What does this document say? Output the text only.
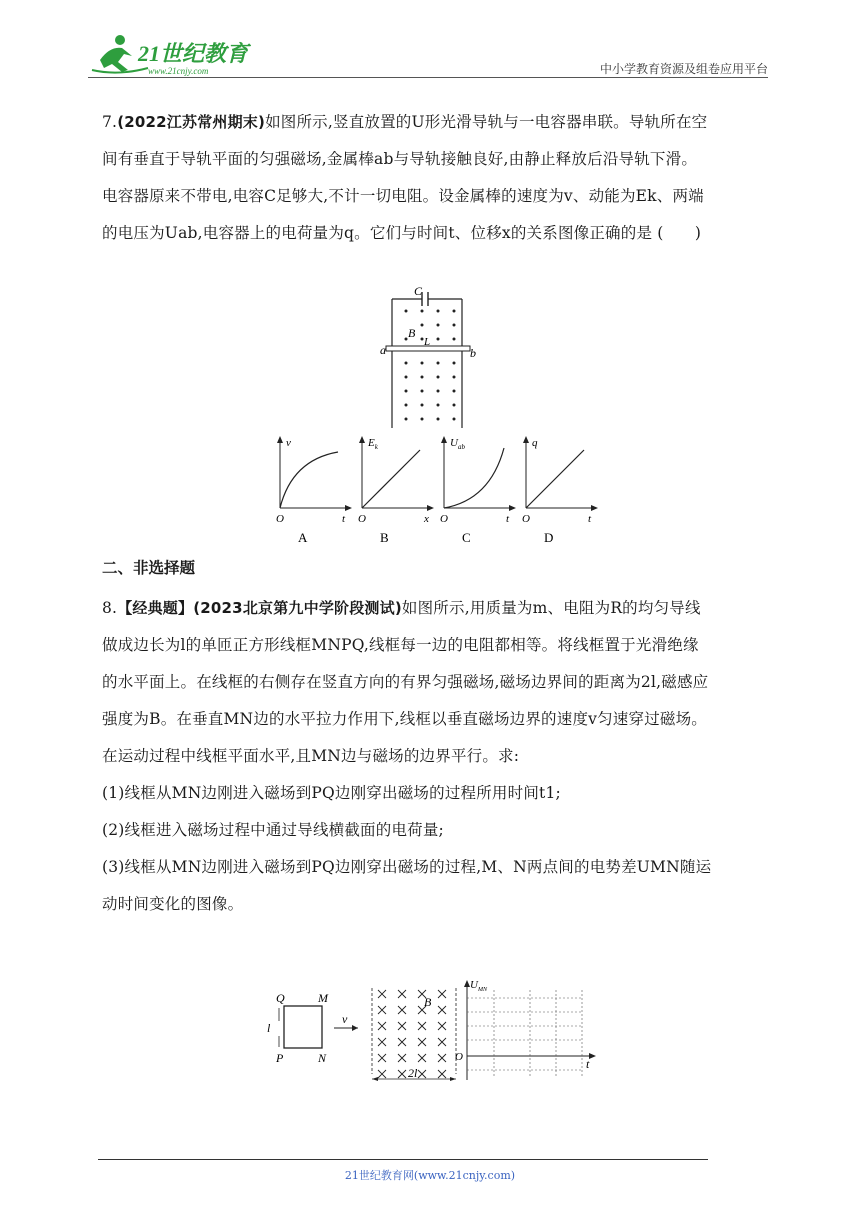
21世纪教育
www.21cnjy.com	中小学教育资源及组卷应用平台
7.(2022江苏常州期末)如图所示,竖直放置的U形光滑导轨与一电容器串联。导轨所在空
间有垂直于导轨平面的匀强磁场,金属棒ab与导轨接触良好,由静止释放后沿导轨下滑。
电容器原来不带电,电容C足够大,不计一切电阻。设金属棒的速度为v、动能为Ek、两端
的电压为Uab,电容器上的电荷量为q。它们与时间t、位移x的关系图像正确的是 (　　)
C
a	b
B
L
v
t
O
A
$E_k$
x
O
B
$U_{ab}$
t
O
C
q
t
O
D
二、非选择题
8.【经典题】(2023北京第九中学阶段测试)如图所示,用质量为m、电阻为R的均匀导线
做成边长为l的单匝正方形线框MNPQ,线框每一边的电阻都相等。将线框置于光滑绝缘
的水平面上。在线框的右侧存在竖直方向的有界匀强磁场,磁场边界间的距离为2l,磁感应
强度为B。在垂直MN边的水平拉力作用下,线框以垂直磁场边界的速度v匀速穿过磁场。
在运动过程中线框平面水平,且MN边与磁场的边界平行。求:
(1)线框从MN边刚进入磁场到PQ边刚穿出磁场的过程所用时间t1;
(2)线框进入磁场过程中通过导线横截面的电荷量;
(3)线框从MN边刚进入磁场到PQ边刚穿出磁场的过程,M、N两点间的电势差UMN随运
动时间变化的图像。
Q	M
P	N
l
v
B
2l
$U_{MN}$
t
O
21世纪教育网(www.21cnjy.com)
